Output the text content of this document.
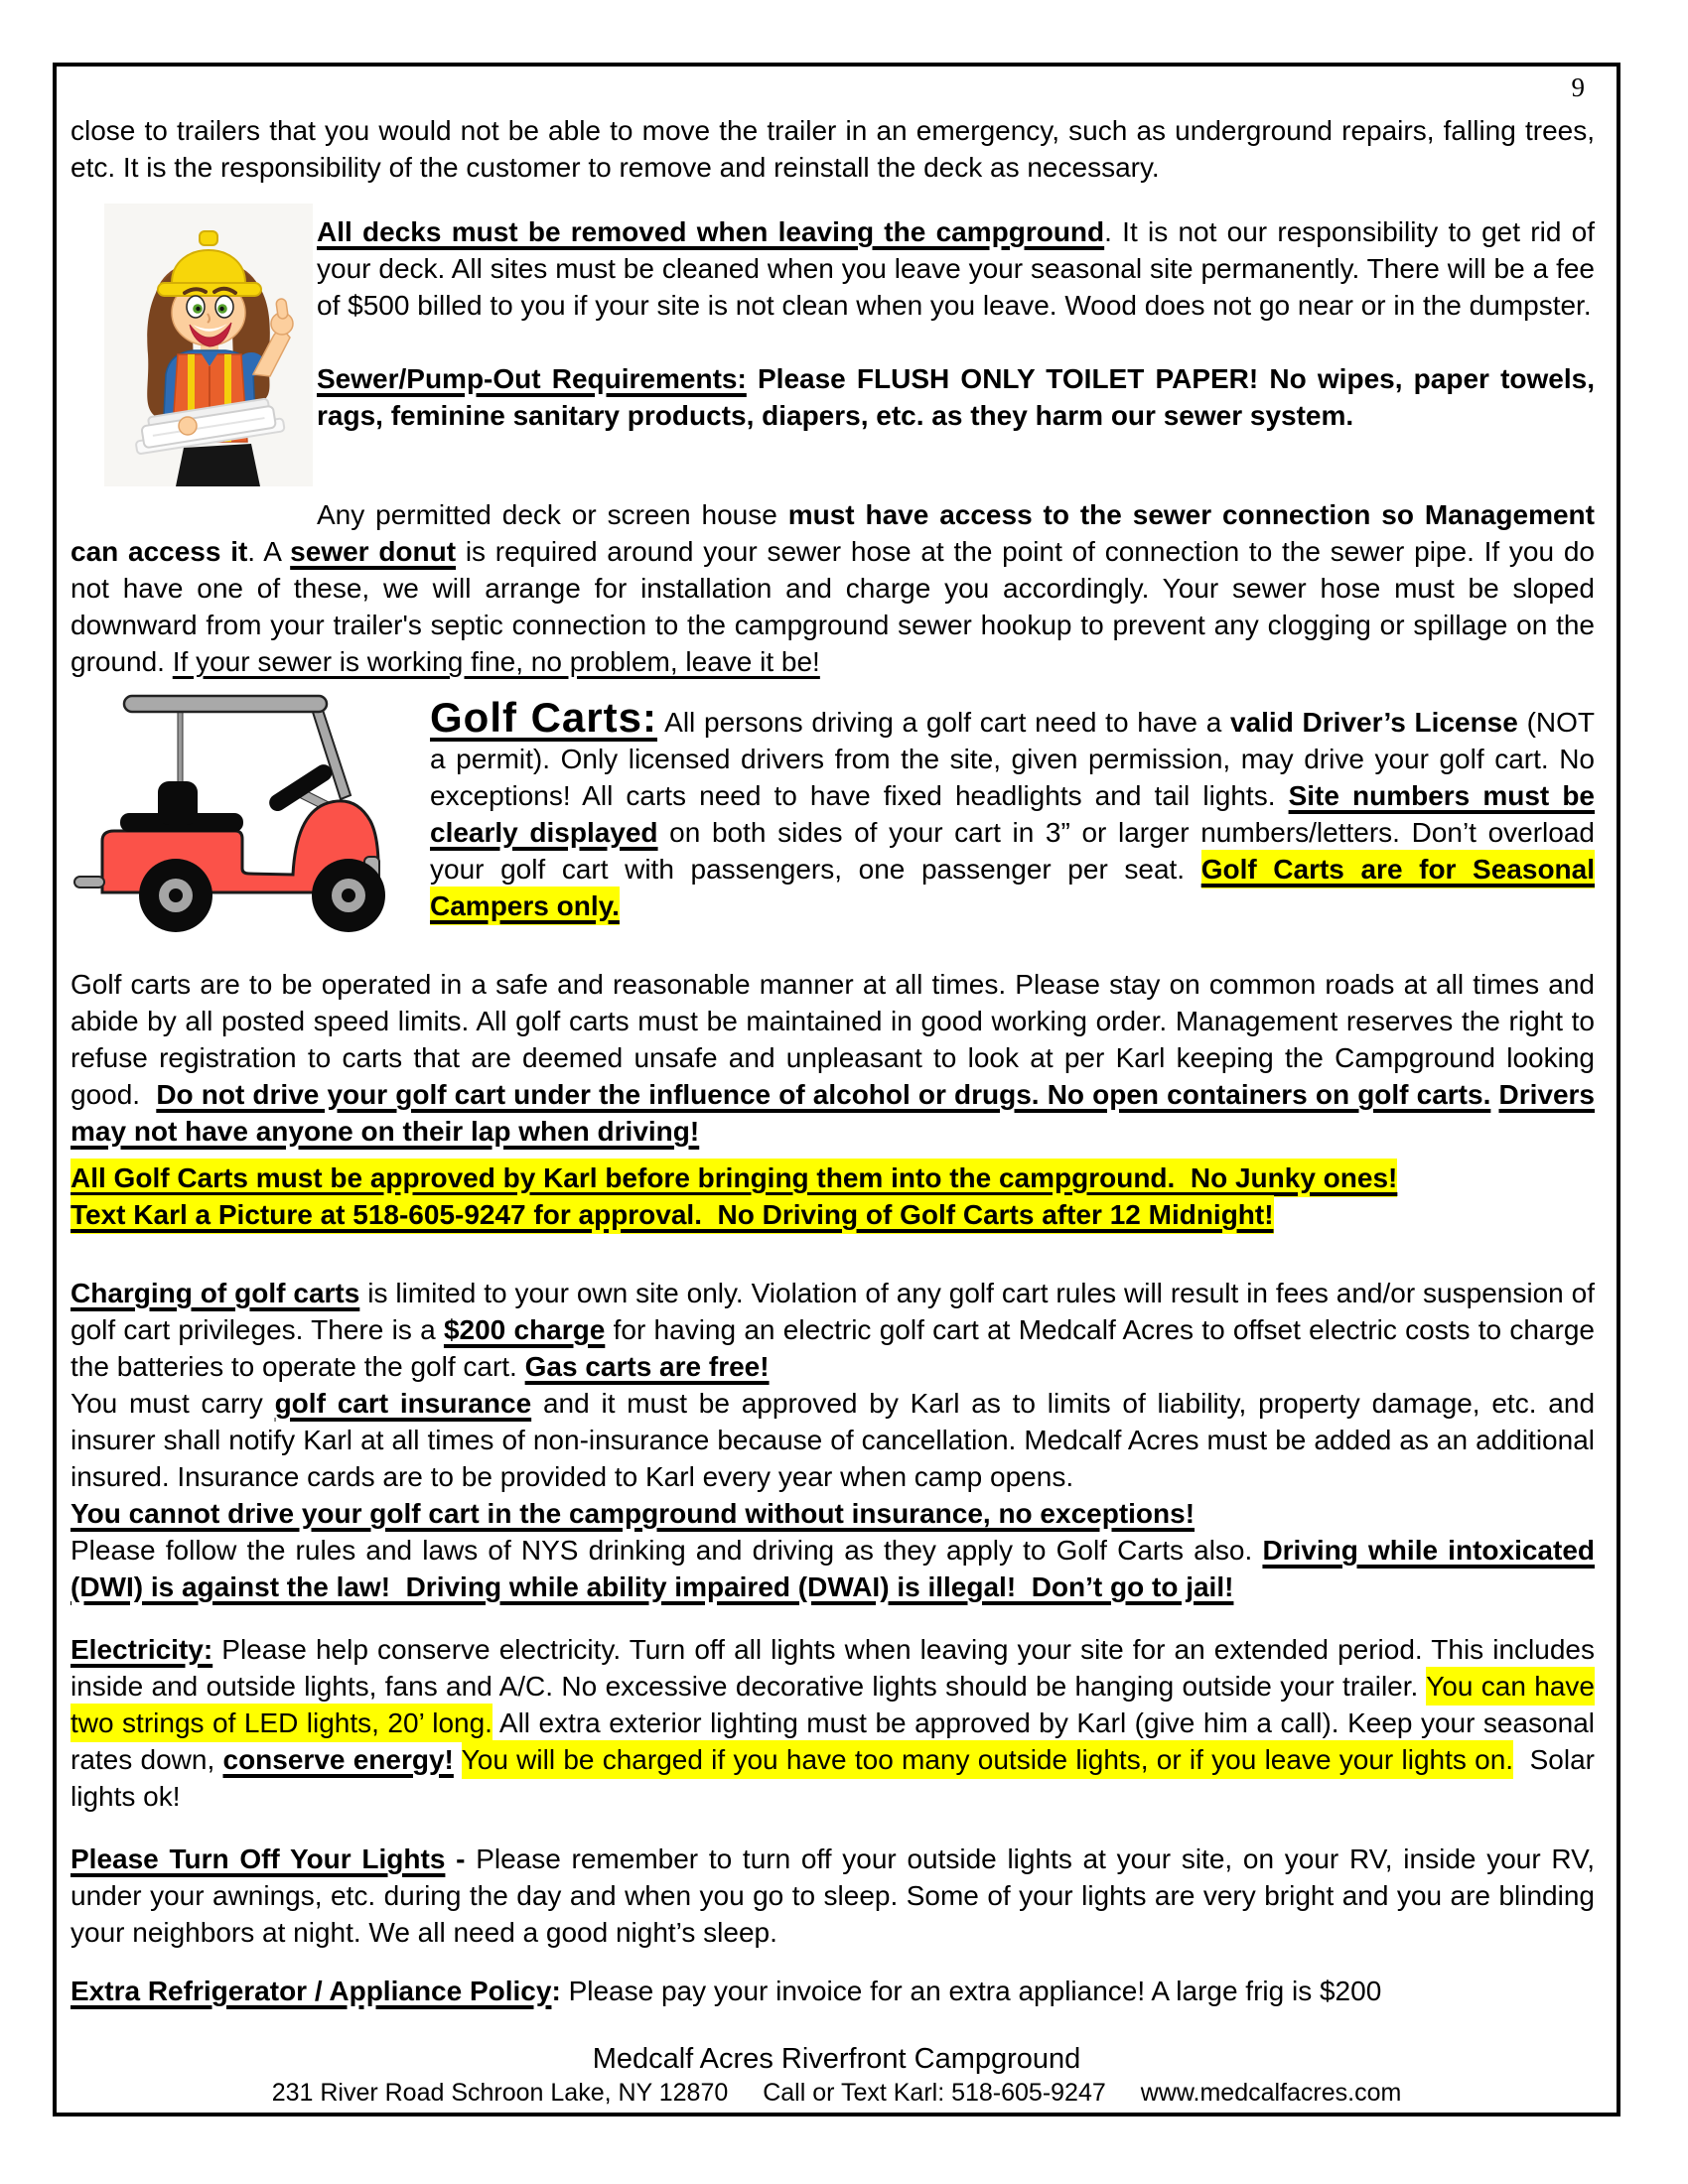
9

close to trailers that you would not be able to move the trailer in an emergency, such as underground repairs, falling trees, etc. It is the responsibility of the customer to remove and reinstall the deck as necessary.

All decks must be removed when leaving the campground. It is not our responsibility to get rid of your deck. All sites must be cleaned when you leave your seasonal site permanently. There will be a fee of $500 billed to you if your site is not clean when you leave. Wood does not go near or in the dumpster.

Sewer/Pump-Out Requirements: Please FLUSH ONLY TOILET PAPER! No wipes, paper towels, rags, feminine sanitary products, diapers, etc. as they harm our sewer system.

Any permitted deck or screen house must have access to the sewer connection so Management can access it. A sewer donut is required around your sewer hose at the point of connection to the sewer pipe. If you do not have one of these, we will arrange for installation and charge you accordingly. Your sewer hose must be sloped downward from your trailer's septic connection to the campground sewer hookup to prevent any clogging or spillage on the ground. If your sewer is working fine, no problem, leave it be!

Golf Carts: All persons driving a golf cart need to have a valid Driver’s License (NOT a permit). Only licensed drivers from the site, given permission, may drive your golf cart. No exceptions! All carts need to have fixed headlights and tail lights. Site numbers must be clearly displayed on both sides of your cart in 3” or larger numbers/letters. Don’t overload your golf cart with passengers, one passenger per seat. Golf Carts are for Seasonal Campers only.

Golf carts are to be operated in a safe and reasonable manner at all times. Please stay on common roads at all times and abide by all posted speed limits. All golf carts must be maintained in good working order. Management reserves the right to refuse registration to carts that are deemed unsafe and unpleasant to look at per Karl keeping the Campground looking good.  Do not drive your golf cart under the influence of alcohol or drugs. No open containers on golf carts. Drivers may not have anyone on their lap when driving!

All Golf Carts must be approved by Karl before bringing them into the campground.  No Junky ones!
Text Karl a Picture at 518-605-9247 for approval.  No Driving of Golf Carts after 12 Midnight!

Charging of golf carts is limited to your own site only. Violation of any golf cart rules will result in fees and/or suspension of golf cart privileges. There is a $200 charge for having an electric golf cart at Medcalf Acres to offset electric costs to charge the batteries to operate the golf cart. Gas carts are free!

You must carry golf cart insurance and it must be approved by Karl as to limits of liability, property damage, etc. and insurer shall notify Karl at all times of non-insurance because of cancellation. Medcalf Acres must be added as an additional insured. Insurance cards are to be provided to Karl every year when camp opens.

You cannot drive your golf cart in the campground without insurance, no exceptions!

Please follow the rules and laws of NYS drinking and driving as they apply to Golf Carts also. Driving while intoxicated (DWI) is against the law!  Driving while ability impaired (DWAI) is illegal!  Don’t go to jail!

Electricity: Please help conserve electricity. Turn off all lights when leaving your site for an extended period. This includes inside and outside lights, fans and A/C. No excessive decorative lights should be hanging outside your trailer. You can have two strings of LED lights, 20’ long. All extra exterior lighting must be approved by Karl (give him a call). Keep your seasonal rates down, conserve energy! You will be charged if you have too many outside lights, or if you leave your lights on.  Solar lights ok!

Please Turn Off Your Lights - Please remember to turn off your outside lights at your site, on your RV, inside your RV, under your awnings, etc. during the day and when you go to sleep. Some of your lights are very bright and you are blinding your neighbors at night. We all need a good night’s sleep.

Extra Refrigerator / Appliance Policy: Please pay your invoice for an extra appliance! A large frig is $200

Medcalf Acres Riverfront Campground
231 River Road Schroon Lake, NY 12870 Call or Text Karl: 518-605-9247 www.medcalfacres.com
